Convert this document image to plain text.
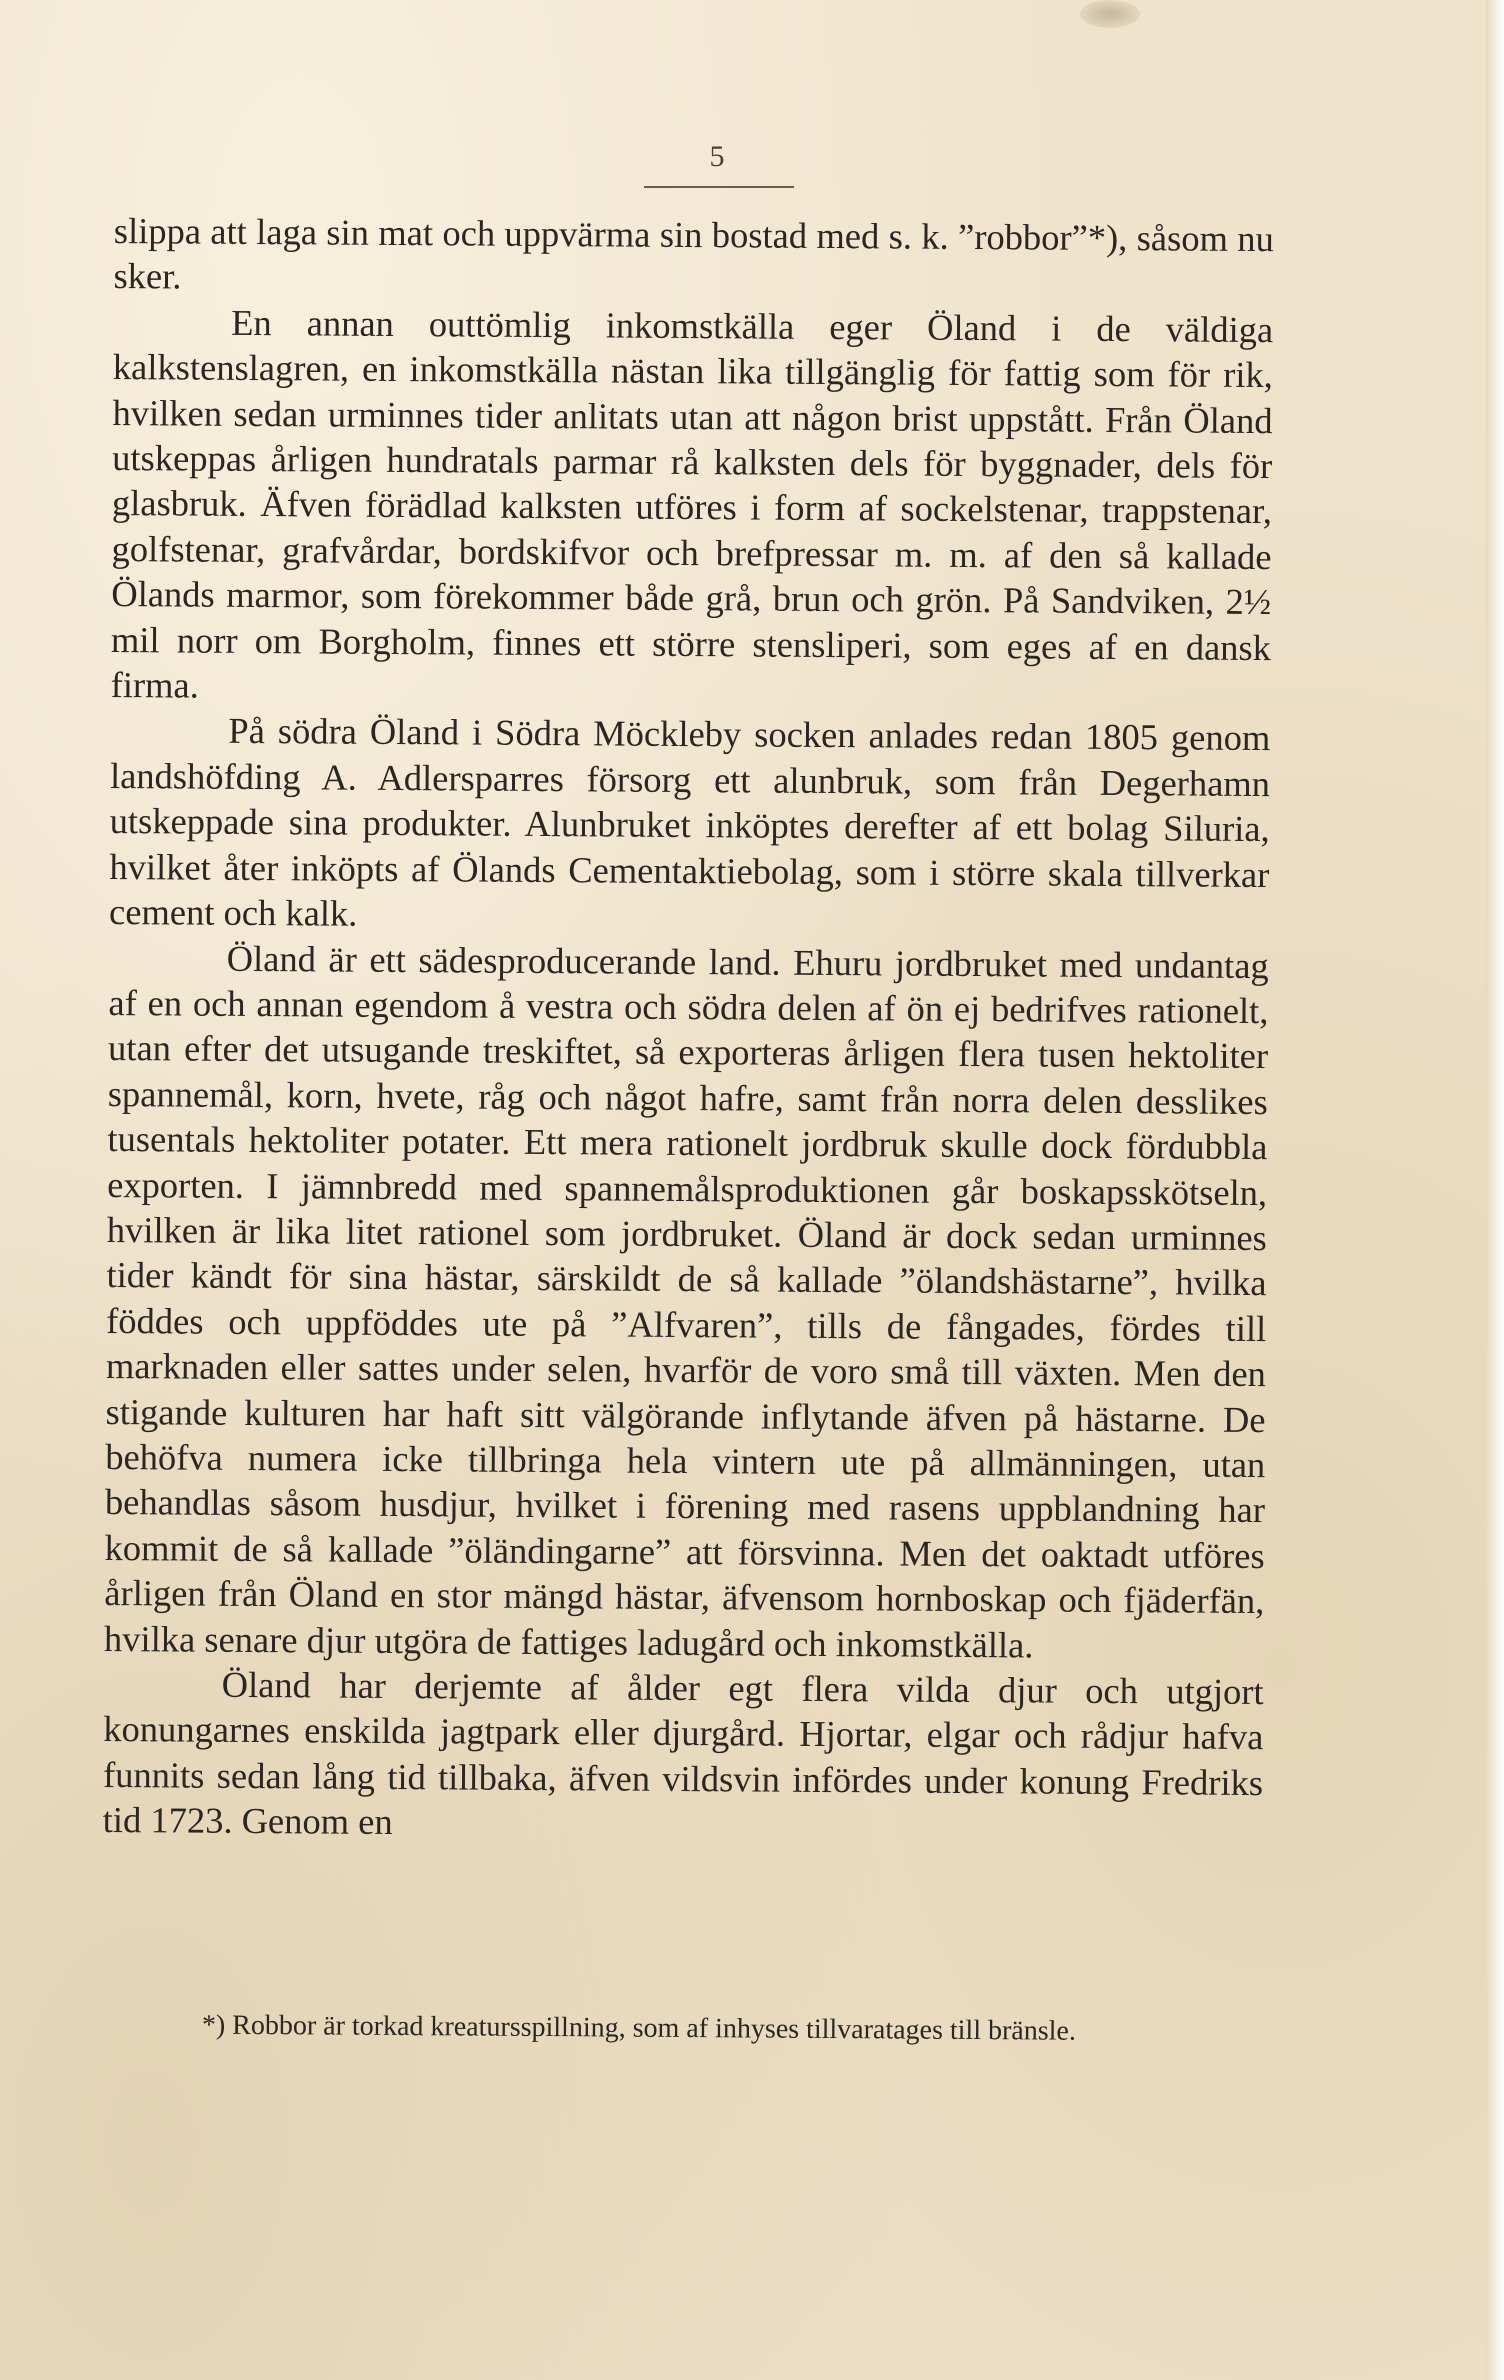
5

slippa att laga sin mat och uppvärma sin bostad med s. k. ”robbor”*), såsom nu sker.

En annan outtömlig inkomstkälla eger Öland i de väldiga kalkstenslagren, en inkomstkälla nästan lika tillgänglig för fattig som för rik, hvilken sedan urminnes tider anlitats utan att någon brist uppstått. Från Öland utskeppas årligen hundratals parmar rå kalksten dels för byggnader, dels för glasbruk. Äfven förädlad kalksten utföres i form af sockelstenar, trappstenar, golfstenar, grafvårdar, bordskifvor och brefpressar m. m. af den så kallade Ölands marmor, som förekommer både grå, brun och grön. På Sandviken, 2½ mil norr om Borgholm, finnes ett större stensliperi, som eges af en dansk firma.

På södra Öland i Södra Möckleby socken anlades redan 1805 genom landshöfding A. Adlersparres försorg ett alunbruk, som från Degerhamn utskeppade sina produkter. Alunbruket inköptes derefter af ett bolag Siluria, hvilket åter inköpts af Ölands Cementaktiebolag, som i större skala tillverkar cement och kalk.

Öland är ett sädesproducerande land. Ehuru jordbruket med undantag af en och annan egendom å vestra och södra delen af ön ej bedrifves rationelt, utan efter det utsugande treskiftet, så exporteras årligen flera tusen hektoliter spannemål, korn, hvete, råg och något hafre, samt från norra delen desslikes tusentals hektoliter potater. Ett mera rationelt jordbruk skulle dock fördubbla exporten. I jämnbredd med spannemålsproduktionen går boskapsskötseln, hvilken är lika litet rationel som jordbruket. Öland är dock sedan urminnes tider kändt för sina hästar, särskildt de så kallade ”ölandshästarne”, hvilka föddes och uppföddes ute på ”Alfvaren”, tills de fångades, fördes till marknaden eller sattes under selen, hvarför de voro små till växten. Men den stigande kulturen har haft sitt välgörande inflytande äfven på hästarne. De behöfva numera icke tillbringa hela vintern ute på allmänningen, utan behandlas såsom husdjur, hvilket i förening med rasens uppblandning har kommit de så kallade ”öländingarne” att försvinna. Men det oaktadt utföres årligen från Öland en stor mängd hästar, äfvensom hornboskap och fjäderfän, hvilka senare djur utgöra de fattiges ladugård och inkomstkälla.

Öland har derjemte af ålder egt flera vilda djur och utgjort konungarnes enskilda jagtpark eller djurgård. Hjortar, elgar och rådjur hafva funnits sedan lång tid tillbaka, äfven vildsvin infördes under konung Fredriks tid 1723. Genom en

*) Robbor är torkad kreatursspillning, som af inhyses tillvaratages till bränsle.
